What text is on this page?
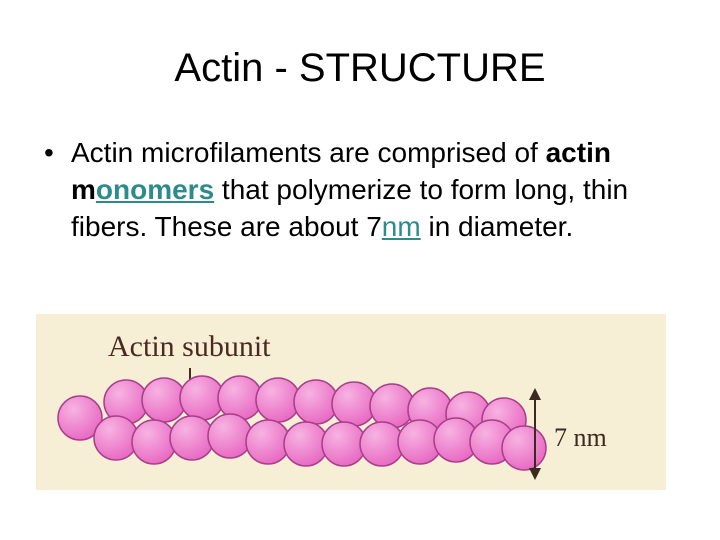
Actin - STRUCTURE
• Actin microfilaments are comprised of actin monomers that polymerize to form long, thin fibers. These are about 7nm in diameter.
Actin subunit
7 nm
